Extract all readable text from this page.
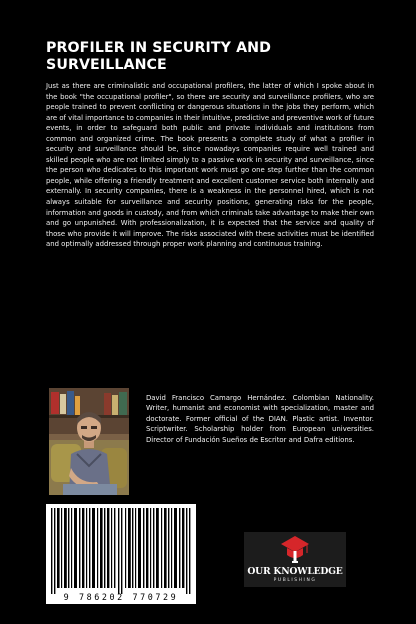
PROFILER IN SECURITY AND
SURVEILLANCE

Just as there are criminalistic and occupational profilers, the latter of which I spoke about in the book "the occupational profiler", so there are security and surveillance profilers, who are people trained to prevent conflicting or dangerous situations in the jobs they perform, which are of vital importance to companies in their intuitive, predictive and preventive work of future events, in order to safeguard both public and private individuals and institutions from common and organized crime. The book presents a complete study of what a profiler in security and surveillance should be, since nowadays companies require well trained and skilled people who are not limited simply to a passive work in security and surveillance, since the person who dedicates to this important work must go one step further than the common people, while offering a friendly treatment and excellent customer service both internally and externally. In security companies, there is a weakness in the personnel hired, which is not always suitable for surveillance and security positions, generating risks for the people, information and goods in custody, and from which criminals take advantage to make their own and go unpunished. With professionalization, it is expected that the service and quality of those who provide it will improve. The risks associated with these activities must be identified and optimally addressed through proper work planning and continuous training.

David Francisco Camargo Hernández. Colombian Nationality. Writer, humanist and economist with specialization, master and doctorate. Former official of the DIAN. Plastic artist. Inventor. Scriptwriter. Scholarship holder from European universities. Director of Fundación Sueños de Escritor and Dafra editions.

9 786202 770729
OUR KNOWLEDGE
PUBLISHING
